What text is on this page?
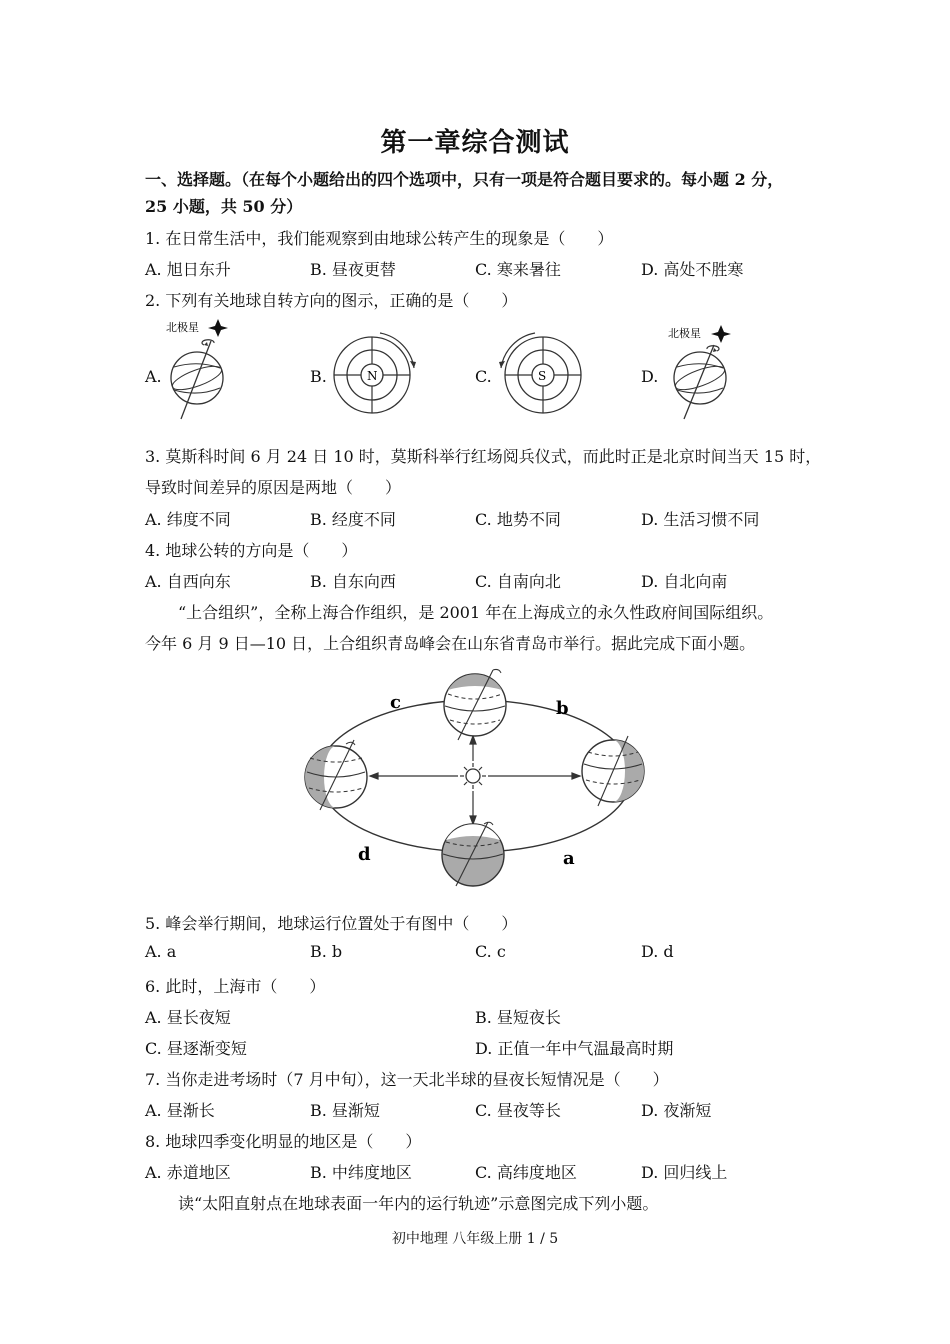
第一章综合测试
一、选择题。（在每个小题给出的四个选项中，只有一项是符合题目要求的。每小题 2 分，
25 小题，共 50 分）
1. 在日常生活中，我们能观察到由地球公转产生的现象是（　　）
A. 旭日东升	B. 昼夜更替	C. 寒来暑往	D. 高处不胜寒
2. 下列有关地球自转方向的图示，正确的是（　　）
A.	B.	C.	D.
北极星
N	S
北极星
3. 莫斯科时间 6 月 24 日 10 时，莫斯科举行红场阅兵仪式，而此时正是北京时间当天 15 时，
导致时间差异的原因是两地（　　）
A. 纬度不同	B. 经度不同	C. 地势不同	D. 生活习惯不同
4. 地球公转的方向是（　　）
A. 自西向东	B. 自东向西	C. 自南向北	D. 自北向南
“上合组织”，全称上海合作组织，是 2001 年在上海成立的永久性政府间国际组织。
今年 6 月 9 日—10 日，上合组织青岛峰会在山东省青岛市举行。据此完成下面小题。
a
b
c
d
5. 峰会举行期间，地球运行位置处于有图中（　　）
A. a	B. b	C. c	D. d
6. 此时，上海市（　　）
A. 昼长夜短	B. 昼短夜长
C. 昼逐渐变短	D. 正值一年中气温最高时期
7. 当你走进考场时（7 月中旬），这一天北半球的昼夜长短情况是（　　）
A. 昼渐长	B. 昼渐短	C. 昼夜等长	D. 夜渐短
8. 地球四季变化明显的地区是（　　）
A. 赤道地区	B. 中纬度地区	C. 高纬度地区	D. 回归线上
读“太阳直射点在地球表面一年内的运行轨迹”示意图完成下列小题。
初中地理 八年级上册 1 / 5
